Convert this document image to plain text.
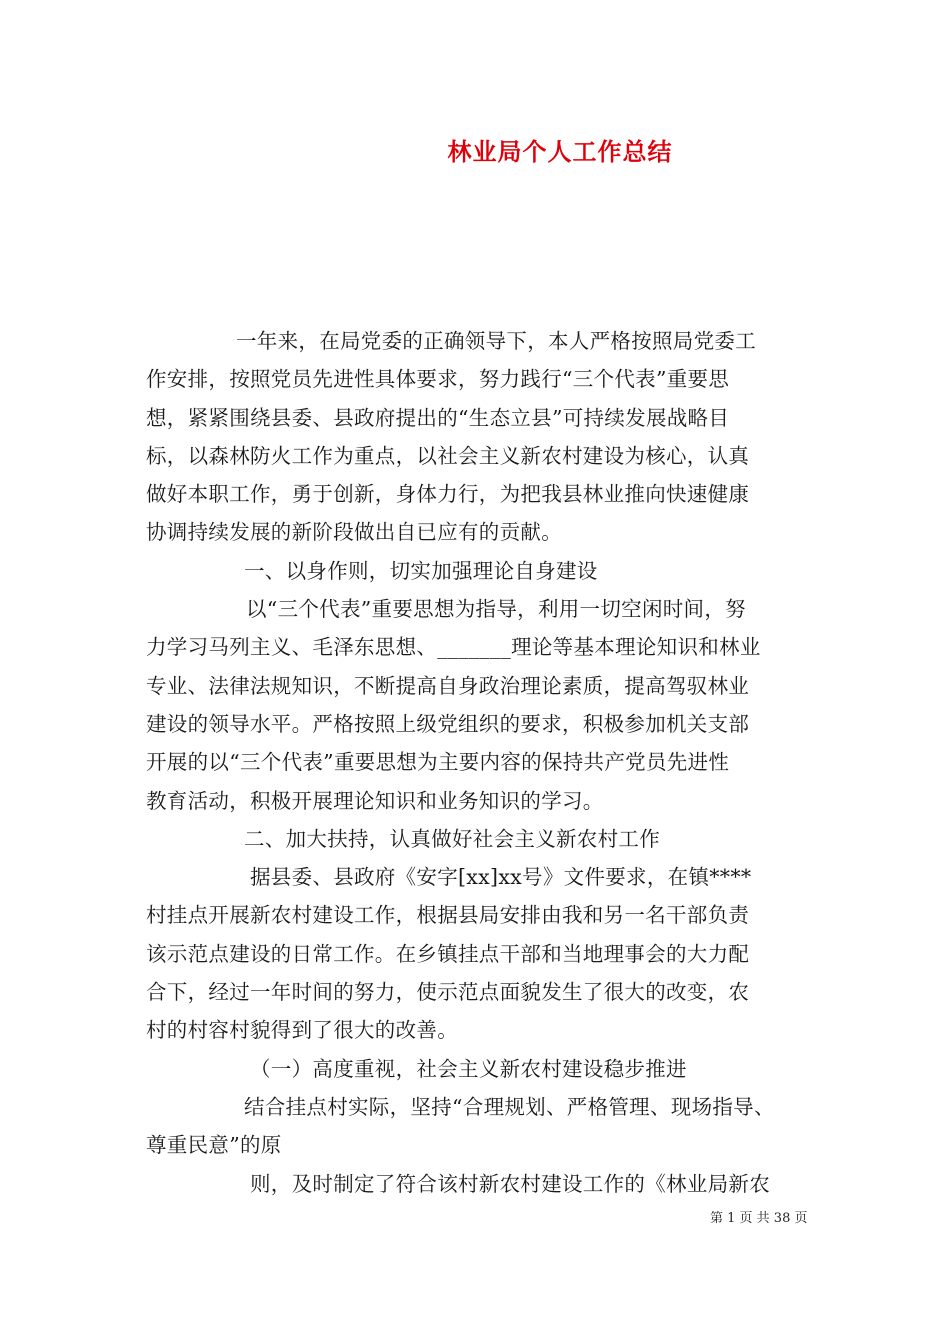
林业局个人工作总结
一年来，在局党委的正确领导下，本人严格按照局党委工
作安排，按照党员先进性具体要求，努力践行“三个代表”重要思
想，紧紧围绕县委、县政府提出的“生态立县”可持续发展战略目
标，以森林防火工作为重点，以社会主义新农村建设为核心，认真
做好本职工作，勇于创新，身体力行，为把我县林业推向快速健康
协调持续发展的新阶段做出自已应有的贡献。
一、以身作则，切实加强理论自身建设
以“三个代表”重要思想为指导，利用一切空闲时间，努
力学习马列主义、毛泽东思想、_______理论等基本理论知识和林业
专业、法律法规知识，不断提高自身政治理论素质，提高驾驭林业
建设的领导水平。严格按照上级党组织的要求，积极参加机关支部
开展的以“三个代表”重要思想为主要内容的保持共产党员先进性
教育活动，积极开展理论知识和业务知识的学习。
二、加大扶持，认真做好社会主义新农村工作
据县委、县政府《安字[xx]xx号》文件要求，在镇****
村挂点开展新农村建设工作，根据县局安排由我和另一名干部负责
该示范点建设的日常工作。在乡镇挂点干部和当地理事会的大力配
合下，经过一年时间的努力，使示范点面貌发生了很大的改变，农
村的村容村貌得到了很大的改善。
（一）高度重视，社会主义新农村建设稳步推进
结合挂点村实际，坚持“合理规划、严格管理、现场指导、
尊重民意”的原
则，及时制定了符合该村新农村建设工作的《林业局新农
第 1 页 共 38 页
